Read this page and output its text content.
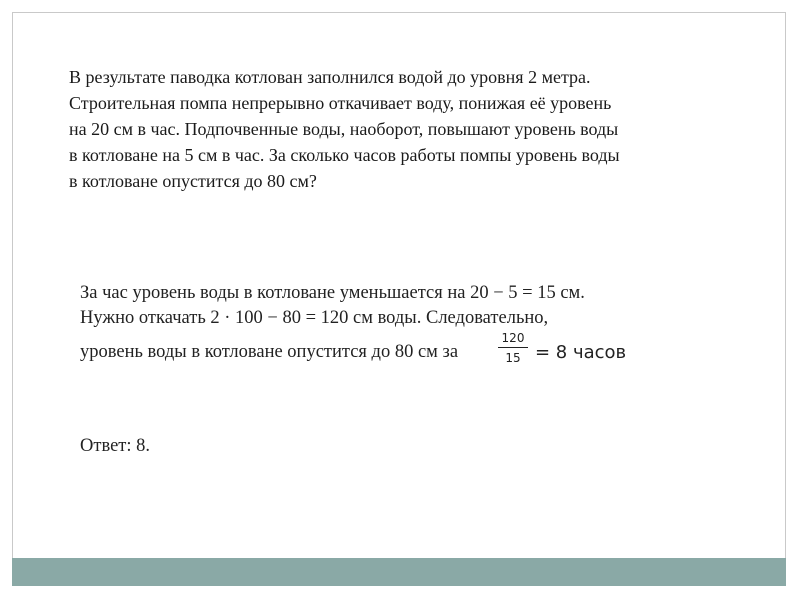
В результате паводка котлован заполнился водой до уровня 2 метра.
Строительная помпа непрерывно откачивает воду, понижая её уровень
на 20 см в час. Подпочвенные воды, наоборот, повышают уровень воды
в котловане на 5 см в час. За сколько часов работы помпы уровень воды
в котловане опустится до 80 см?
За час уровень воды в котловане уменьшается на 20 − 5 = 15 см.
Нужно откачать 2 · 100 − 80 = 120 см воды. Следовательно,
уровень воды в котловане опустится до 80 см за	$\frac{120}{15} = 8$ часов
Ответ: 8.
